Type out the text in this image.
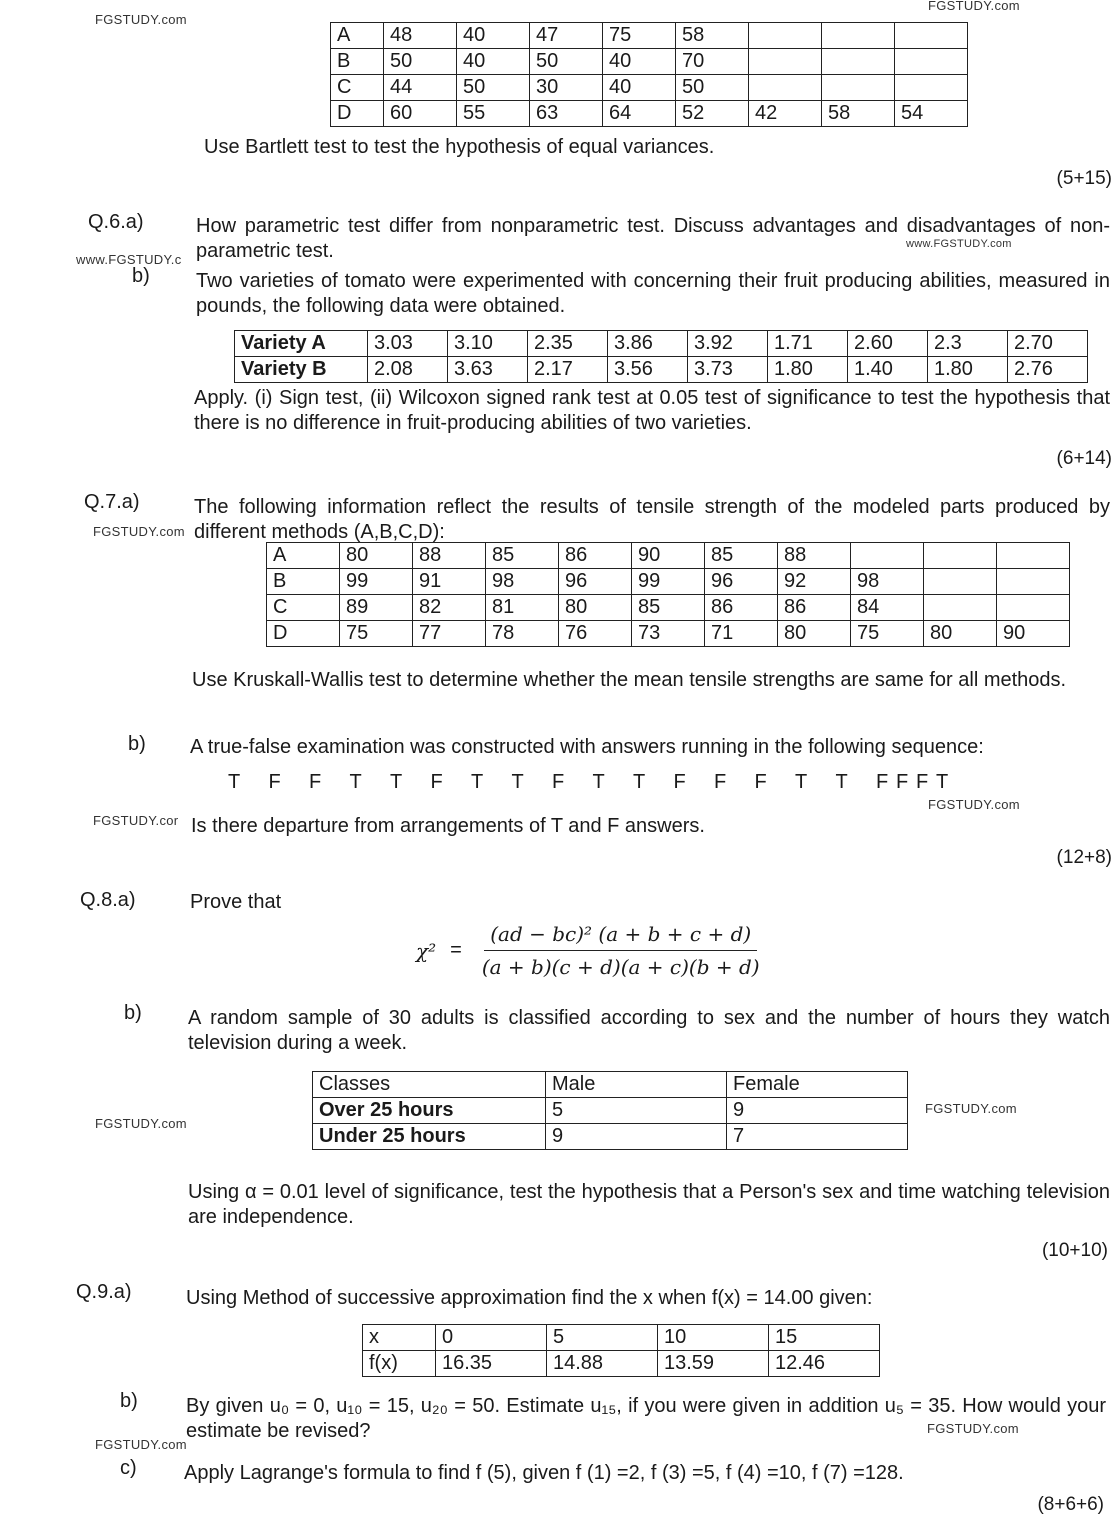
FGSTUDY.com
FGSTUDY.com
www.FGSTUDY.c
www.FGSTUDY.com
FGSTUDY.com
FGSTUDY.com
FGSTUDY.cor
FGSTUDY.com
FGSTUDY.com
FGSTUDY.com
FGSTUDY.com
A	48	40	47	75	58			
B	50	40	50	40	70			
C	44	50	30	40	50			
D	60	55	63	64	52	42	58	54
Use Bartlett test to test the hypothesis of equal variances.
(5+15)
Q.6.a)	How parametric test differ from nonparametric test. Discuss advantages and disadvantages of non-parametric test.
b) Two varieties of tomato were experimented with concerning their fruit producing abilities, measured in pounds, the following data were obtained.
Variety A	3.03	3.10	2.35	3.86	3.92	1.71	2.60	2.3	2.70
Variety B	2.08	3.63	2.17	3.56	3.73	1.80	1.40	1.80	2.76
Apply. (i) Sign test, (ii) Wilcoxon signed rank test at 0.05 test of significance to test the hypothesis that there is no difference in fruit-producing abilities of two varieties.
(6+14)
Q.7.a)	The following information reflect the results of tensile strength of the modeled parts produced by different methods (A,B,C,D):
A	80	88	85	86	90	85	88			
B	99	91	98	96	99	96	92	98		
C	89	82	81	80	85	86	86	84		
D	75	77	78	76	73	71	80	75	80	90
Use Kruskall-Wallis test to determine whether the mean tensile strengths are same for all methods.
b) A true-false examination was constructed with answers running in the following sequence:
T F F T T F T T F T T F F F T T F F F T
Is there departure from arrangements of T and F answers.
(12+8)
Q.8.a)	Prove that
$\chi^2 = \frac{\text{(ad − bc)² (a + b + c + d)}}{(a + b)(c + d)(a + c)(b + d)}$
b) A random sample of 30 adults is classified according to sex and the number of hours they watch television during a week.
Classes	Male	Female
Over 25 hours	5	9
Under 25 hours	9	7
Using α = 0.01 level of significance, test the hypothesis that a Person's sex and time watching television are independence.
(10+10)
Q.9.a)	Using Method of successive approximation find the x when f(x) = 14.00 given:
x	0	5	10	15
f(x)	16.35	14.88	13.59	12.46
b) By given u₀ = 0, u₁₀ = 15, u₂₀ = 50. Estimate u₁₅, if you were given in addition u₅ = 35. How would your estimate be revised?
c) Apply Lagrange's formula to find f (5), given f (1) =2, f (3) =5, f (4) =10, f (7) =128.
(8+6+6)
